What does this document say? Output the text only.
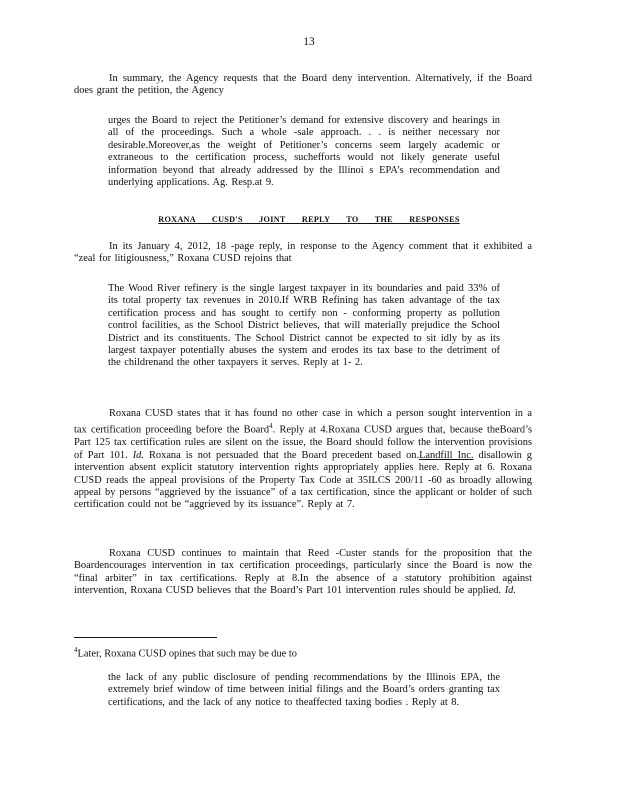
13

In summary, the Agency requests that the Board deny intervention. Alternatively, if the Board does grant the petition, the Agency

urges the Board to reject the Petitioner’s demand for extensive discovery and hearings in all of the proceedings. Such a whole -sale approach. . . is neither necessary nor desirable.Moreover,as the weight of Petitioner’s concerns seem largely academic or extraneous to the certification process, suchefforts would not likely generate useful information beyond that already addressed by the Illinoi s EPA’s recommendation and underlying applications. Ag. Resp.at 9.

ROXANA CUSD'S JOINT REPLY TO THE RESPONSES

In its January 4, 2012, 18 -page reply, in response to the Agency comment that it exhibited a “zeal for litigiousness,” Roxana CUSD rejoins that

The Wood River refinery is the single largest taxpayer in its boundaries and paid 33% of its total property tax revenues in 2010.If WRB Refining has taken advantage of the tax certification process and has sought to certify non - conforming property as pollution control facilities, as the School District believes, that will materially prejudice the School District and its constituents. The School District cannot be expected to sit idly by as its largest taxpayer potentially abuses the system and erodes its tax base to the detriment of the childrenand the other taxpayers it serves. Reply at 1- 2.

Roxana CUSD states that it has found no other case in which a person sought intervention in a tax certification proceeding before the Board$^4$. Reply at 4.Roxana CUSD argues that, because theBoard’s Part 125 tax certification rules are silent on the issue, the Board should follow the intervention provisions of Part 101. Id. Roxana is not persuaded that the Board precedent based on.Landfill Inc. disallowin g intervention absent explicit statutory intervention rights appropriately applies here. Reply at 6. Roxana CUSD reads the appeal provisions of the Property Tax Code at 35ILCS 200/11 -60 as broadly allowing appeal by persons “aggrieved by the issuance” of a tax certification, since the applicant or holder of such certification could not be “aggrieved by its issuance”. Reply at 7.

Roxana CUSD continues to maintain that Reed -Custer stands for the proposition that the Boardencourages intervention in tax certification proceedings, particularly since the Board is now the “final arbiter” in tax certifications. Reply at 8.In the absence of a statutory prohibition against intervention, Roxana CUSD believes that the Board’s Part 101 intervention rules should be applied. Id.

$^4$Later, Roxana CUSD opines that such may be due to

the lack of any public disclosure of pending recommendations by the Illinois EPA, the extremely brief window of time between initial filings and the Board’s orders granting tax certifications, and the lack of any notice to theaffected taxing bodies . Reply at 8.
